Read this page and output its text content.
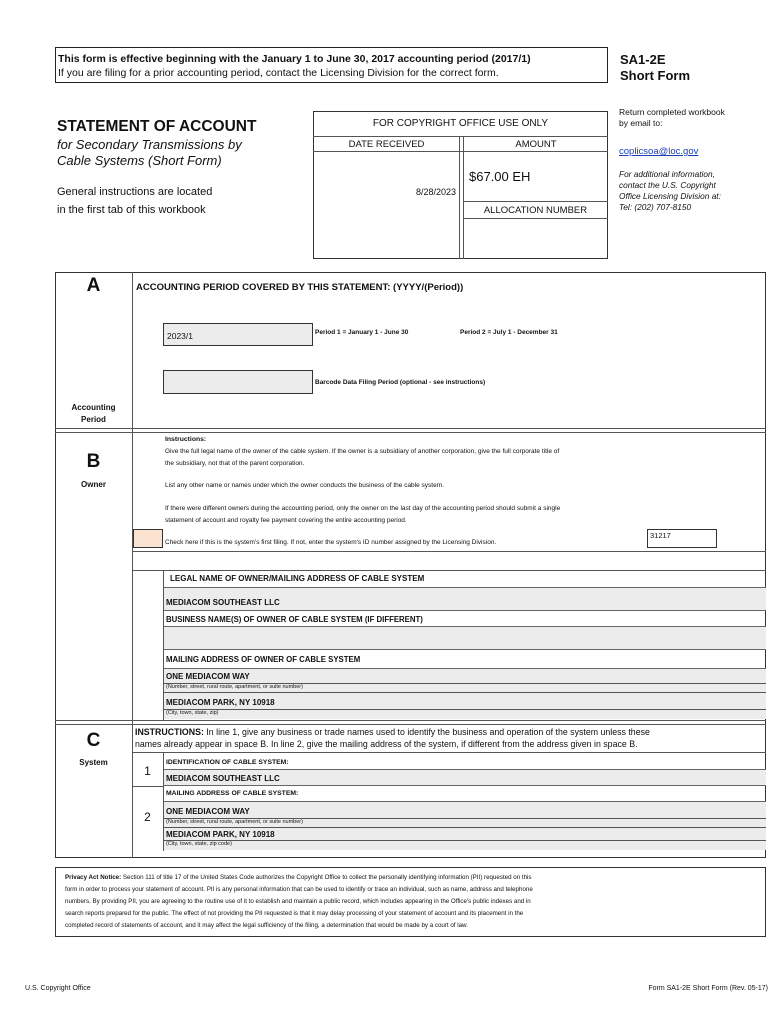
This form is effective beginning with the January 1 to June 30, 2017 accounting period (2017/1)
If you are filing for a prior accounting period, contact the Licensing Division for the correct form.
SA1-2E
Short Form
STATEMENT OF ACCOUNT
for Secondary Transmissions by
Cable Systems (Short Form)
General instructions are located
in the first tab of this workbook
FOR COPYRIGHT OFFICE USE ONLY
DATE RECEIVED	AMOUNT
8/28/2023
$67.00 EH
ALLOCATION NUMBER
Return completed workbook
by email to:
coplicsoa@loc.gov
For additional information,
contact the U.S. Copyright
Office Licensing Division at:
Tel: (202) 707-8150
A
Accounting
Period
ACCOUNTING PERIOD COVERED BY THIS STATEMENT: (YYYY/(Period))
2023/1	Period 1 = January 1 - June 30	Period 2 = July 1 - December 31
Barcode Data Filing Period (optional - see instructions)
B
Owner
Instructions:
Give the full legal name of the owner of the cable system. If the owner is a subsidiary of another corporation, give the full corporate title of
the subsidiary, not that of the parent corporation.
List any other name or names under which the owner conducts the business of the cable system.
If there were different owners during the accounting period, only the owner on the last day of the accounting period should submit a single
statement of account and royalty fee payment covering the entire accounting period.
Check here if this is the system's first filing. If not, enter the system's ID number assigned by the Licensing Division.
31217
LEGAL NAME OF OWNER/MAILING ADDRESS OF CABLE SYSTEM
MEDIACOM SOUTHEAST LLC
BUSINESS NAME(S) OF OWNER OF CABLE SYSTEM (IF DIFFERENT)
MAILING ADDRESS OF OWNER OF CABLE SYSTEM
ONE MEDIACOM WAY
(Number, street, rural route, apartment, or suite number)
MEDIACOM PARK, NY 10918
(City, town, state, zip)
C
System
INSTRUCTIONS: In line 1, give any business or trade names used to identify the business and operation of the system unless these
names already appear in space B. In line 2, give the mailing address of the system, if different from the address given in space B.
1
IDENTIFICATION OF CABLE SYSTEM:
MEDIACOM SOUTHEAST LLC
MAILING ADDRESS OF CABLE SYSTEM:
2	ONE MEDIACOM WAY
(Number, street, rural route, apartment, or suite number)
MEDIACOM PARK, NY 10918
(City, town, state, zip code)
Privacy Act Notice: Section 111 of title 17 of the United States Code authorizes the Copyright Office to collect the personally identifying information (PII) requested on this
form in order to process your statement of account. PII is any personal information that can be used to identify or trace an individual, such as name, address and telephone
numbers. By providing PII, you are agreeing to the routine use of it to establish and maintain a public record, which includes appearing in the Office's public indexes and in
search reports prepared for the public. The effect of not providing the PII requested is that it may delay processing of your statement of account and its placement in the
completed record of statements of account, and it may affect the legal sufficiency of the filing, a determination that would be made by a court of law.
U.S. Copyright Office	Form SA1-2E Short Form (Rev. 05-17)
